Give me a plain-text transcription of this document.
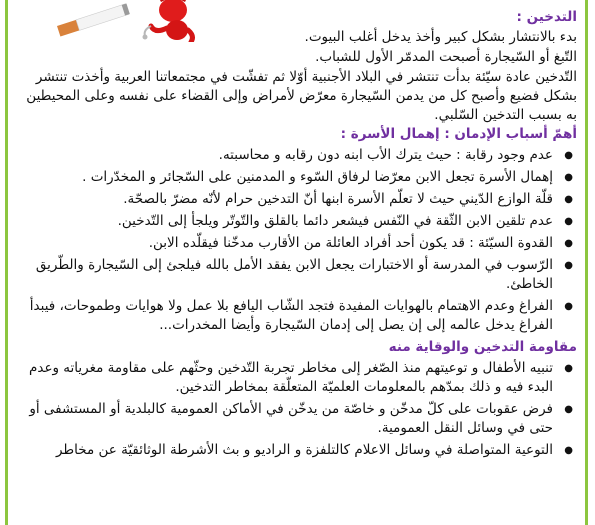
التدخين :
بدء بالانتشار بشكل كبير وأخذ يدخل أغلب البيوت.
التّبغ أو السّيجارة أصبحت المدمّر الأول للشباب.
التّدخين عادة سيّئة بدأت تنتشر في البلاد الأجنبية أوّلا ثم تفشّت في مجتمعاتنا العربية وأخذت تنتشر بشكل فضيع وأصبح كل من يدمن السّيجارة معرّض لأمراض وإلى القضاء على نفسه وعلى المحيطين به بسبب التدخين السّلبي.
أهمّ أسباب الإدمان : إهمال الأسرة :
● عدم وجود رقابة : حيث يترك الأب ابنه دون رقابه و محاسبته.
● إهمال الأسرة تجعل الابن معرّضا لرفاق السّوء و المدمنين على السّجائر و المخدّرات .
● قلّة الوازع الدّيني حيث لا تعلّم الأسرة ابنها أنّ التدخين حرام لأنّه مضرّ بالصحّة.
● عدم تلقين الابن الثّقة في النّفس فيشعر دائما بالقلق والتّوتّر ويلجأ إلى التّدخين.
● القدوة السيّئة : قد يكون أحد أفراد العائلة من الأقارب مدخّنا فيقلّده الابن.
● الرّسوب في المدرسة أو الاختبارات يجعل الابن يفقد الأمل بالله فيلجئ إلى السّيجارة والطّريق الخاطئ.
● الفراغ وعدم الاهتمام بالهوايات المفيدة فتجد الشّاب اليافع بلا عمل ولا هوايات وطموحات، فيبدأ الفراغ يدخل عالمه إلى إن يصل إلى إدمان السّيجارة وأيضا المخدرات...
مقاومة التدخين والوقاية منه
● تنبيه الأطفال و توعيتهم منذ الصّغر إلى مخاطر تجربة التّدخين وحثّهم على مقاومة مغرياته وعدم البدء فيه و ذلك بمدّهم بالمعلومات العلميّة المتعلّقة بمخاطر التدخين.
● فرض عقوبات على كلّ مدخّن و خاصّة من يدخّن في الأماكن العمومية كالبلدية أو المستشفى أو حتى في وسائل النقل العمومية.
● التوعية المتواصلة في وسائل الاعلام كالتلفزة و الراديو و بث الأشرطة الوثائقيّة عن مخاطر
